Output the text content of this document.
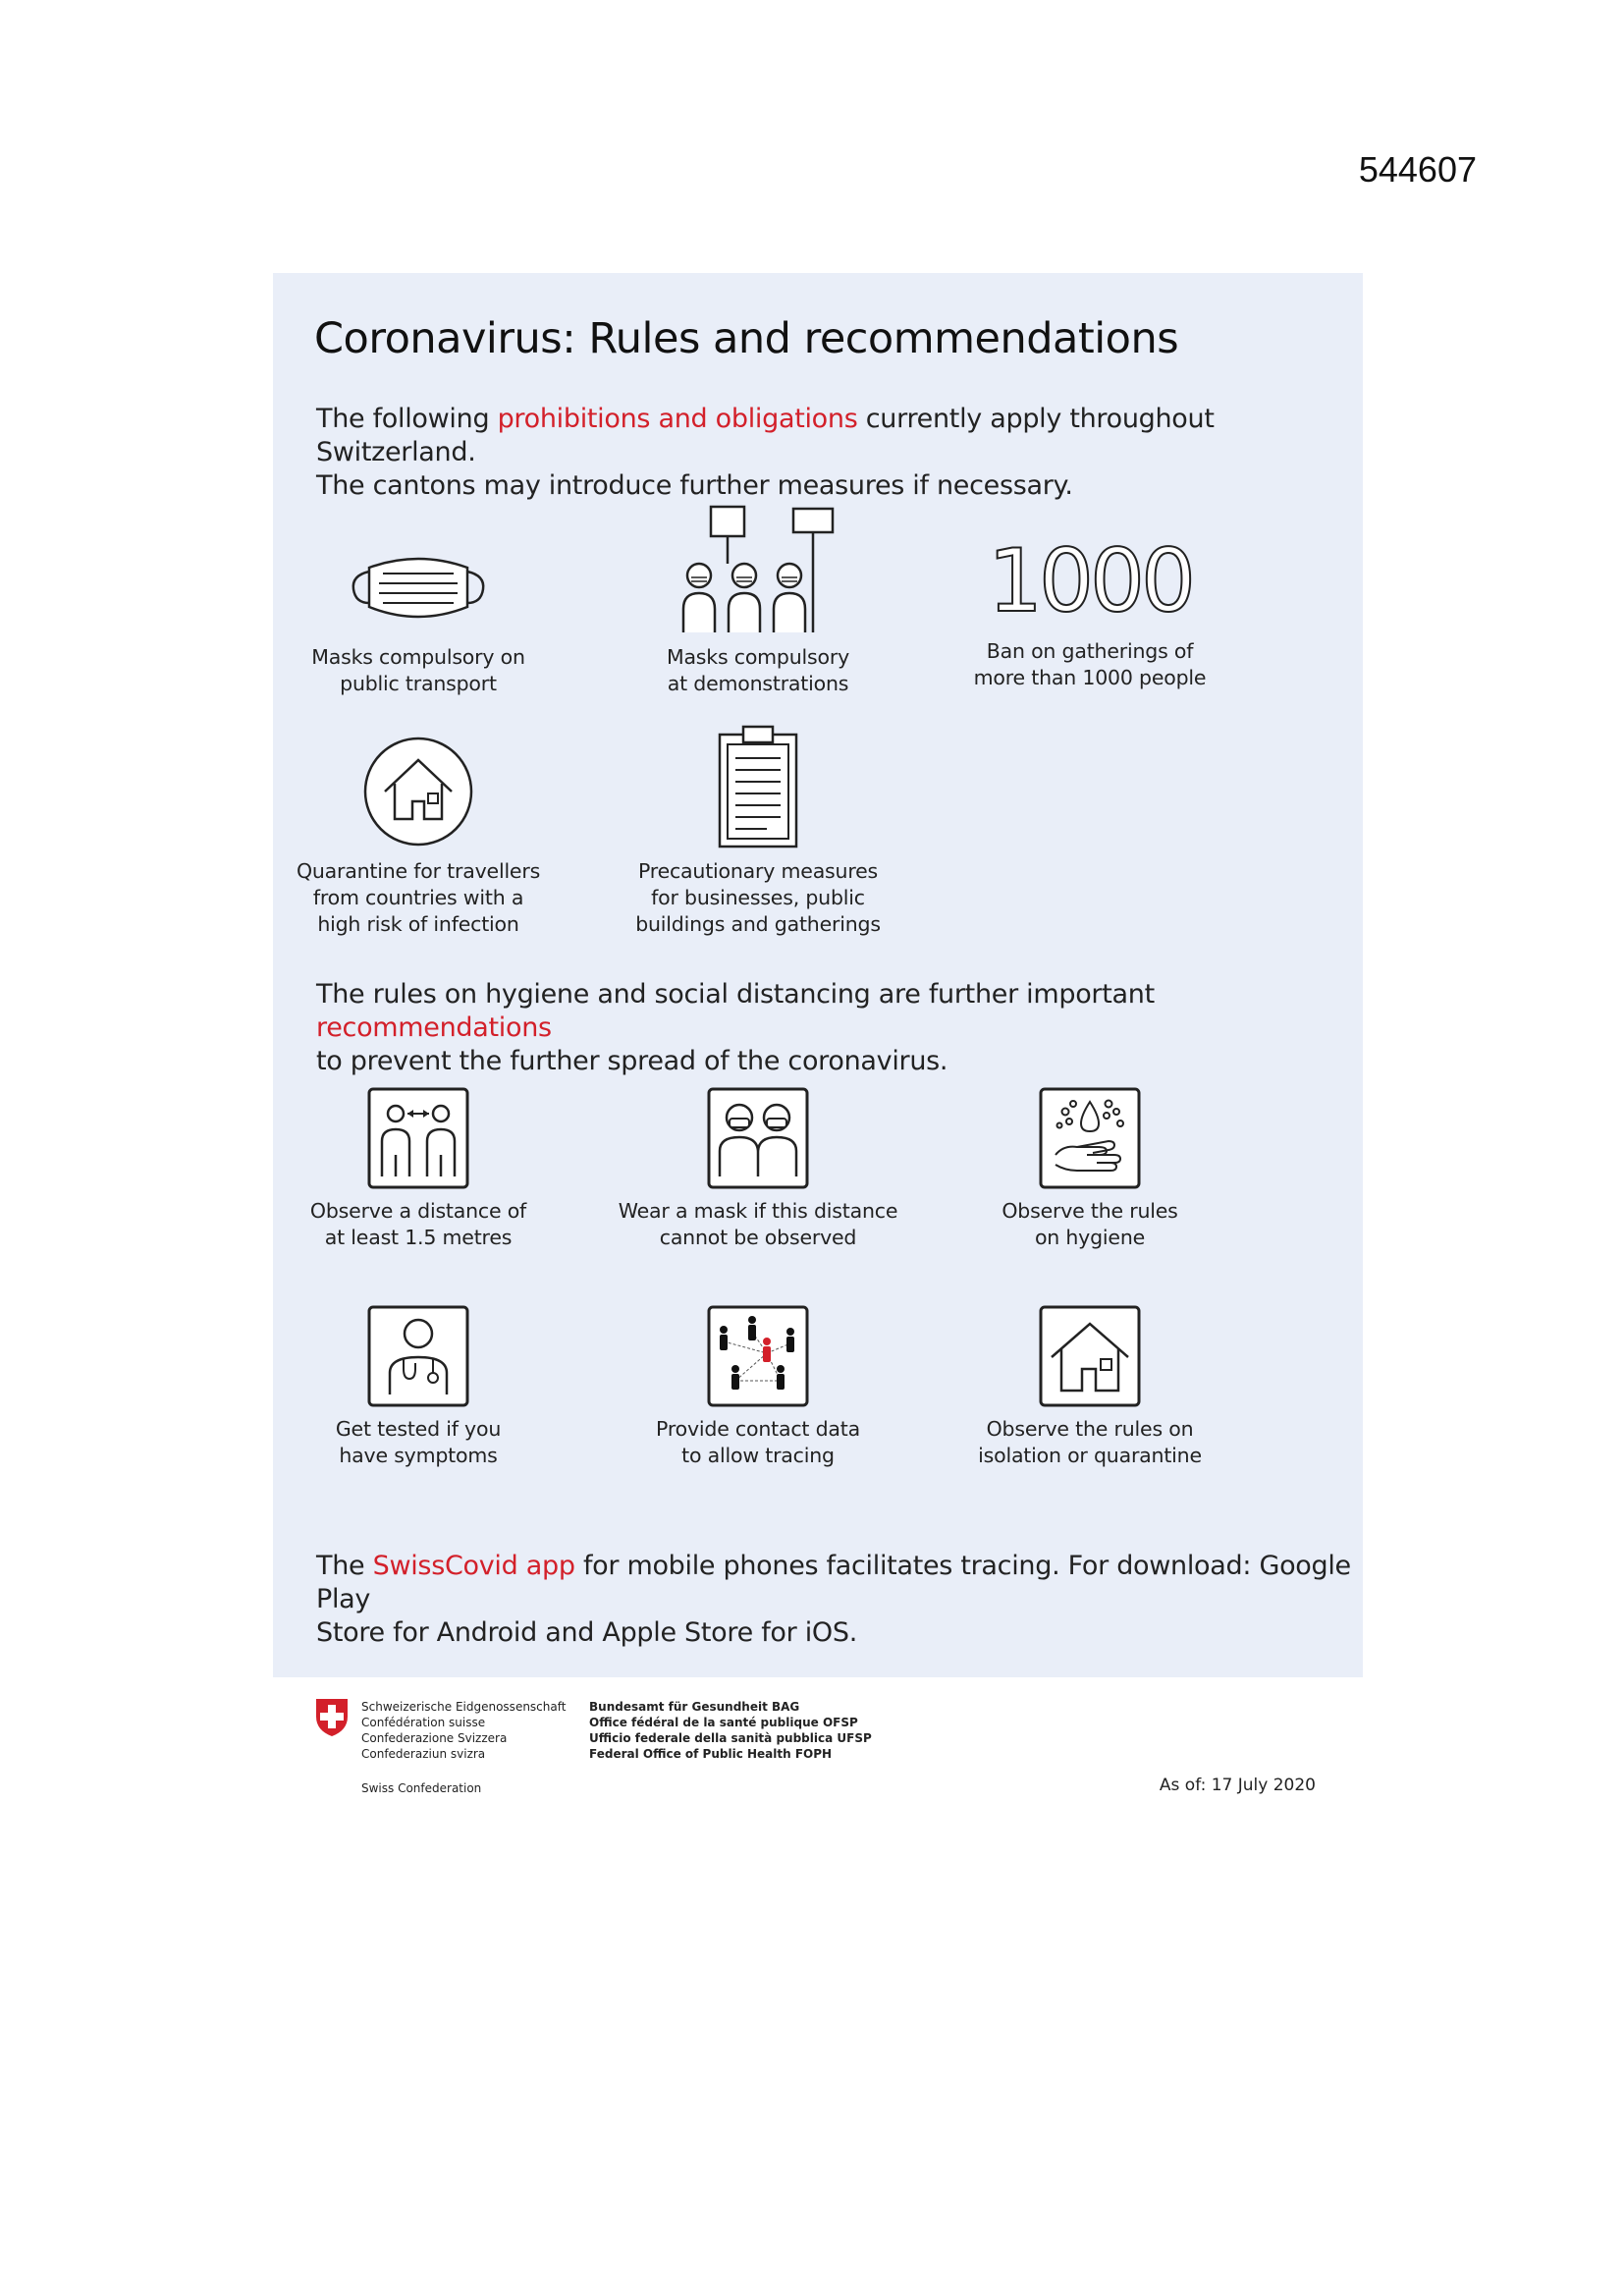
544607
Coronavirus: Rules and recommendations

The following prohibitions and obligations currently apply throughout Switzerland.
The cantons may introduce further measures if necessary.

Masks compulsory on
public transport
Masks compulsory
at demonstrations
1000
Ban on gatherings of
more than 1000 people
Quarantine for travellers
from countries with a
high risk of infection
Precautionary measures
for businesses, public
buildings and gatherings

The rules on hygiene and social distancing are further important recommendations
to prevent the further spread of the coronavirus.

Observe a distance of
at least 1.5 metres
Wear a mask if this distance
cannot be observed
Observe the rules
on hygiene
Get tested if you
have symptoms
Provide contact data
to allow tracing
Observe the rules on
isolation or quarantine

The SwissCovid app for mobile phones facilitates tracing. For download: Google Play
Store for Android and Apple Store for iOS.

Schweizerische Eidgenossenschaft
Confédération suisse
Confederazione Svizzera
Confederaziun svizra
Bundesamt für Gesundheit BAG
Office fédéral de la santé publique OFSP
Ufficio federale della sanità pubblica UFSP
Federal Office of Public Health FOPH
Swiss Confederation	As of: 17 July 2020
